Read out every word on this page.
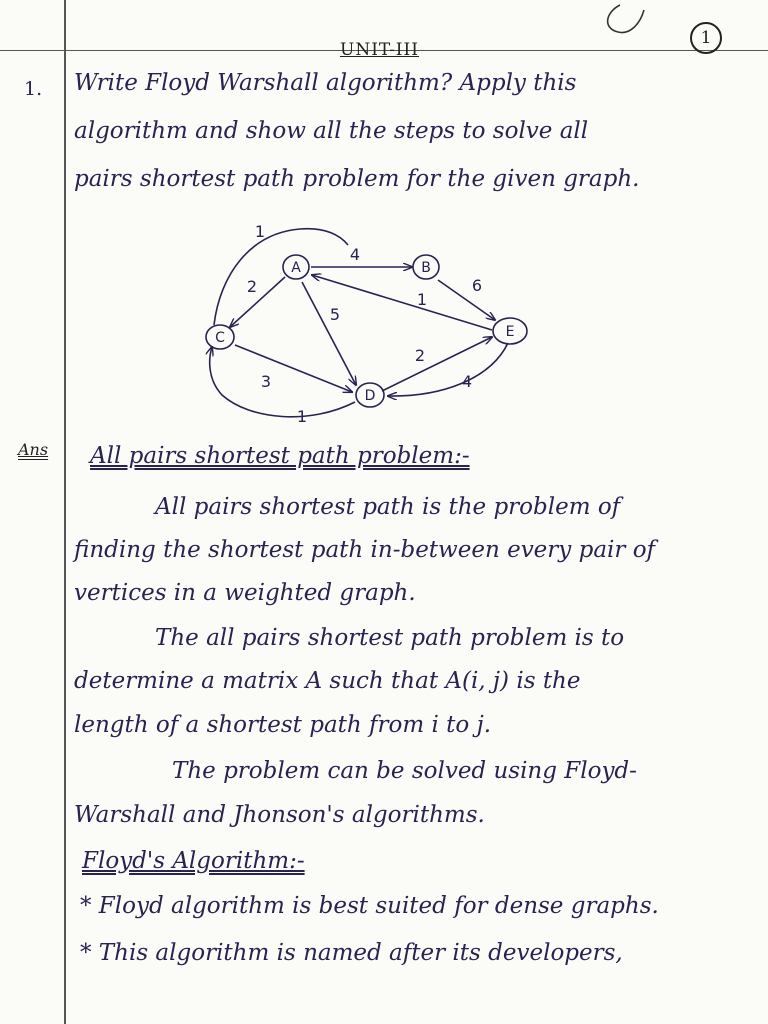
1
UNIT-III
1. Write Floyd Warshall algorithm? Apply this
algorithm and show all the steps to solve all
pairs shortest path problem for the given graph.
A	B
C
D
E
4
2
1
5
6
1
3
2
4
1
Ans All pairs shortest path problem:-
All pairs shortest path is the problem of
finding the shortest path in-between every pair of
vertices in a weighted graph.
The all pairs shortest path problem is to
determine a matrix A such that A(i, j) is the
length of a shortest path from i to j.
The problem can be solved using Floyd-
Warshall and Jhonson's algorithms.
Floyd's Algorithm:-
* Floyd algorithm is best suited for dense graphs.
* This algorithm is named after its developers,
